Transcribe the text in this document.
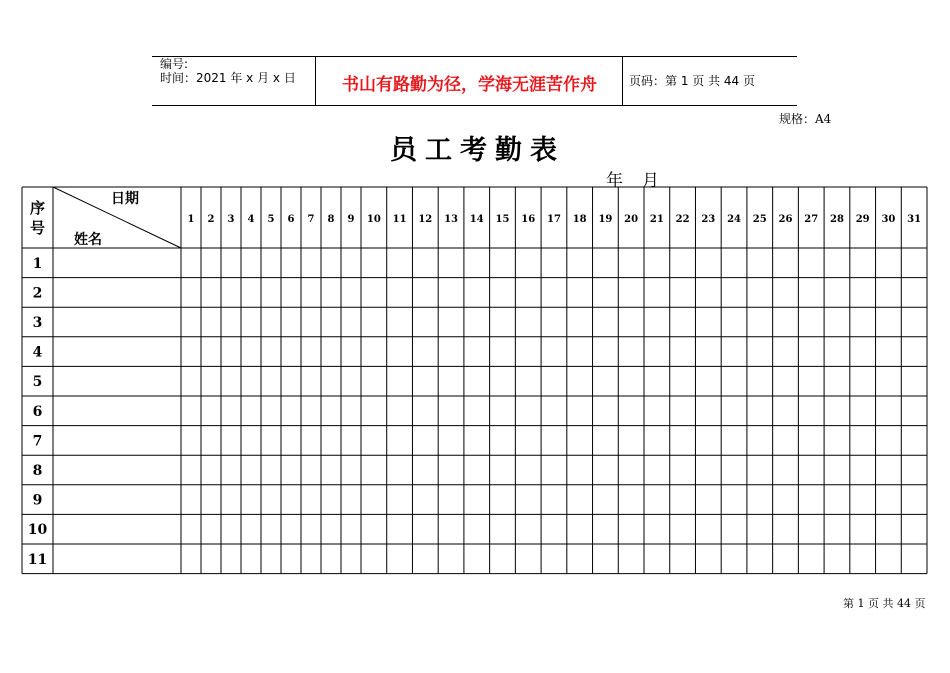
编号:
时间：2021 年 x 月 x 日	书山有路勤为径，学海无涯苦作舟	页码：第 1 页 共 44 页
规格：A4
员工考勤表
年 月
序
号
日期
姓名
1 2 3 4 5 6 7 8 9 10 11 12 13 14 15 16 17 18 19 20 21 22 23 24 25 26 27 28 29 30 31
1
2
3
4
5
6
7
8
9
10
11
第 1 页 共 44 页
